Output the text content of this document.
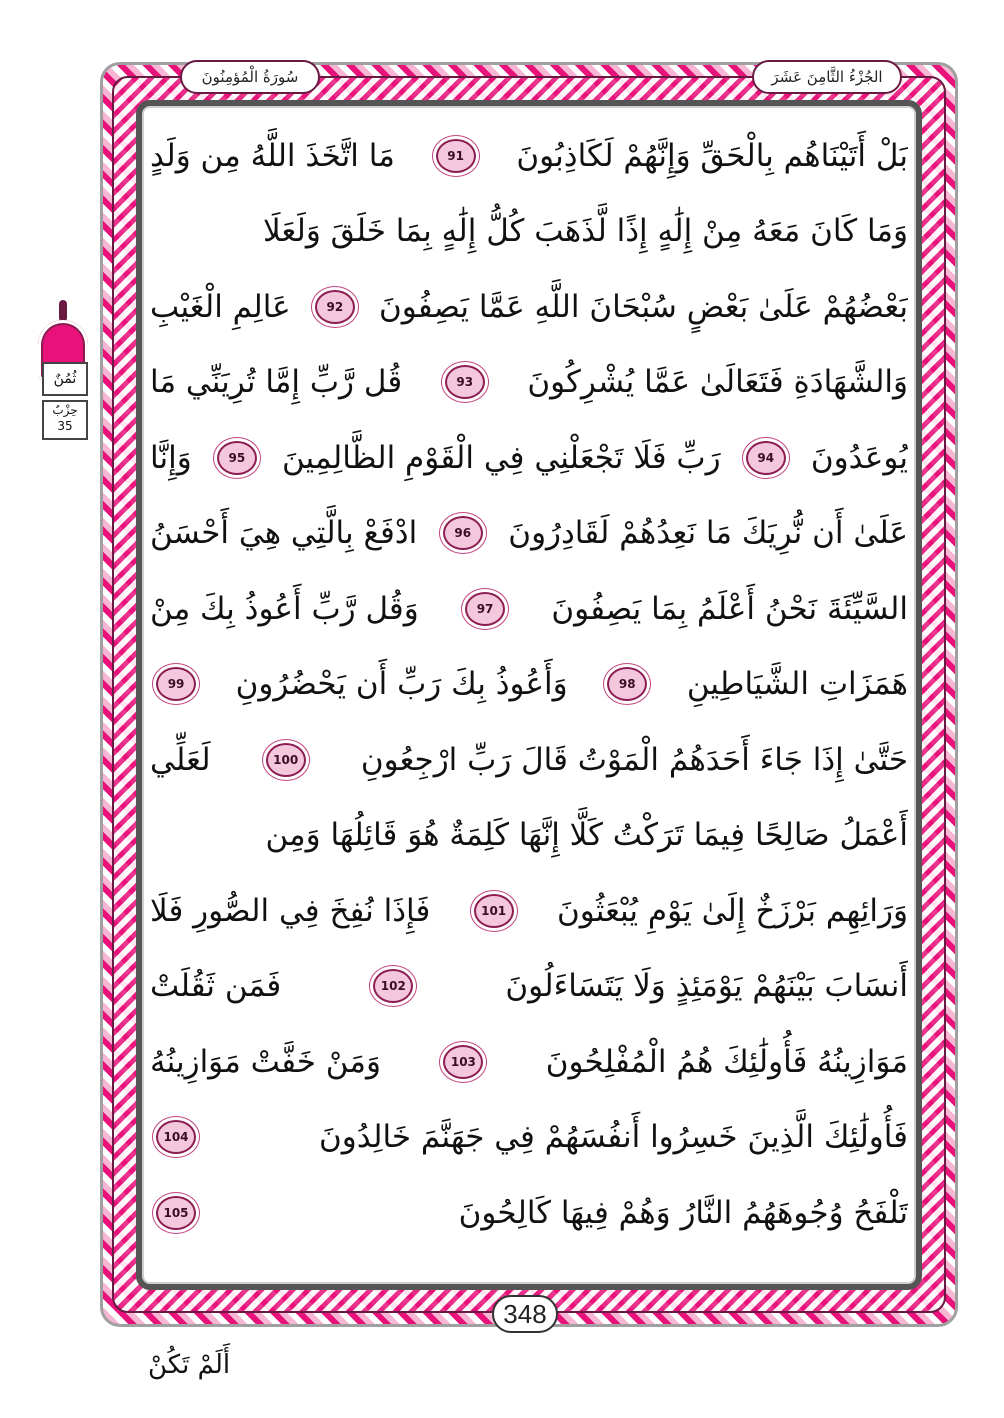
سُورَةُ الْمُؤمِنُونَ	الجُزْءُ الثَّامِنَ عَشَرَ
ثُمُنٌ
حِزْبٌ
35
بَلْ أَتَيْنَاهُم بِالْحَقِّ وَإِنَّهُمْ لَكَاذِبُونَ
91
مَا اتَّخَذَ اللَّهُ مِن وَلَدٍ
وَمَا كَانَ مَعَهُ مِنْ إِلَٰهٍ إِذًا لَّذَهَبَ كُلُّ إِلَٰهٍ بِمَا خَلَقَ وَلَعَلَا
بَعْضُهُمْ عَلَىٰ بَعْضٍ سُبْحَانَ اللَّهِ عَمَّا يَصِفُونَ
92
عَالِمِ الْغَيْبِ
وَالشَّهَادَةِ فَتَعَالَىٰ عَمَّا يُشْرِكُونَ
93
قُل رَّبِّ إِمَّا تُرِيَنِّي مَا
يُوعَدُونَ
94
رَبِّ فَلَا تَجْعَلْنِي فِي الْقَوْمِ الظَّالِمِينَ
95
وَإِنَّا
عَلَىٰ أَن نُّرِيَكَ مَا نَعِدُهُمْ لَقَادِرُونَ
96
ادْفَعْ بِالَّتِي هِيَ أَحْسَنُ
السَّيِّئَةَ نَحْنُ أَعْلَمُ بِمَا يَصِفُونَ
97
وَقُل رَّبِّ أَعُوذُ بِكَ مِنْ
هَمَزَاتِ الشَّيَاطِينِ
98
وَأَعُوذُ بِكَ رَبِّ أَن يَحْضُرُونِ
99
حَتَّىٰ إِذَا جَاءَ أَحَدَهُمُ الْمَوْتُ قَالَ رَبِّ ارْجِعُونِ
100
لَعَلِّي
أَعْمَلُ صَالِحًا فِيمَا تَرَكْتُ كَلَّا إِنَّهَا كَلِمَةٌ هُوَ قَائِلُهَا وَمِن
وَرَائِهِم بَرْزَخٌ إِلَىٰ يَوْمِ يُبْعَثُونَ
101
فَإِذَا نُفِخَ فِي الصُّورِ فَلَا
أَنسَابَ بَيْنَهُمْ يَوْمَئِذٍ وَلَا يَتَسَاءَلُونَ
102
فَمَن ثَقُلَتْ
مَوَازِينُهُ فَأُولَٰئِكَ هُمُ الْمُفْلِحُونَ
103
وَمَنْ خَفَّتْ مَوَازِينُهُ
فَأُولَٰئِكَ الَّذِينَ خَسِرُوا أَنفُسَهُمْ فِي جَهَنَّمَ خَالِدُونَ
104
تَلْفَحُ وُجُوهَهُمُ النَّارُ وَهُمْ فِيهَا كَالِحُونَ
105
348
أَلَمْ تَكُنْ
